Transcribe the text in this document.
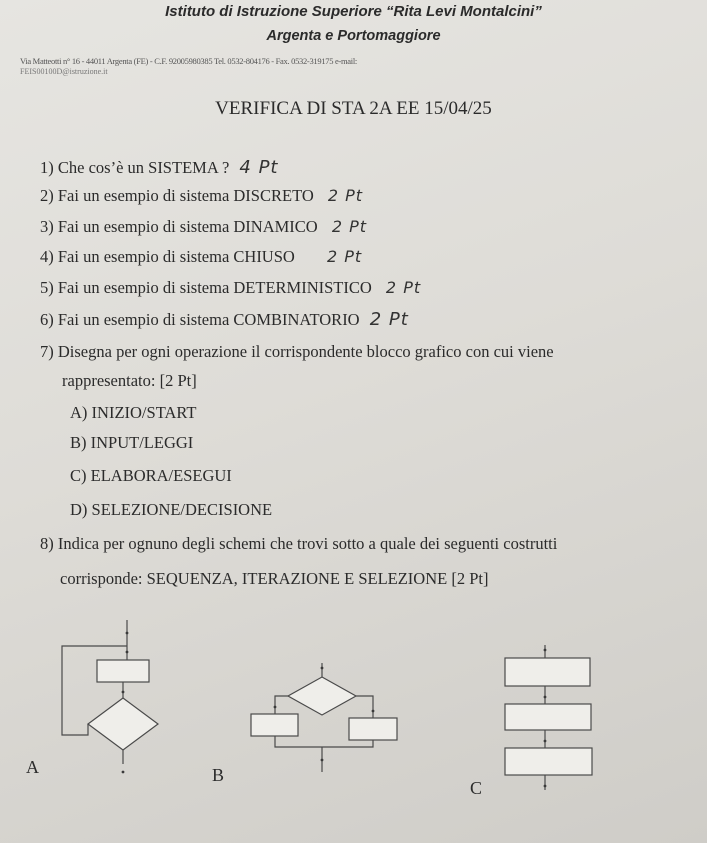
Istituto di Istruzione Superiore “Rita Levi Montalcini”
Argenta e Portomaggiore
Via Matteotti n° 16 - 44011 Argenta (FE) - C.F. 92005980385 Tel. 0532-804176 - Fax. 0532-319175 e-mail:
FEIS00100D@istruzione.it
VERIFICA DI STA 2A EE 15/04/25
1) Che cos’è un SISTEMA ? 4 Pt
2) Fai un esempio di sistema DISCRETO 2 Pt
3) Fai un esempio di sistema DINAMICO 2 Pt
4) Fai un esempio di sistema CHIUSO 2 Pt
5) Fai un esempio di sistema DETERMINISTICO 2 Pt
6) Fai un esempio di sistema COMBINATORIO 2 Pt
7) Disegna per ogni operazione il corrispondente blocco grafico con cui viene
rappresentato: [2 Pt]
A) INIZIO/START
B) INPUT/LEGGI
C) ELABORA/ESEGUI
D) SELEZIONE/DECISIONE
8) Indica per ognuno degli schemi che trovi sotto a quale dei seguenti costrutti
corrisponde: SEQUENZA, ITERAZIONE E SELEZIONE [2 Pt]
A	B
C
